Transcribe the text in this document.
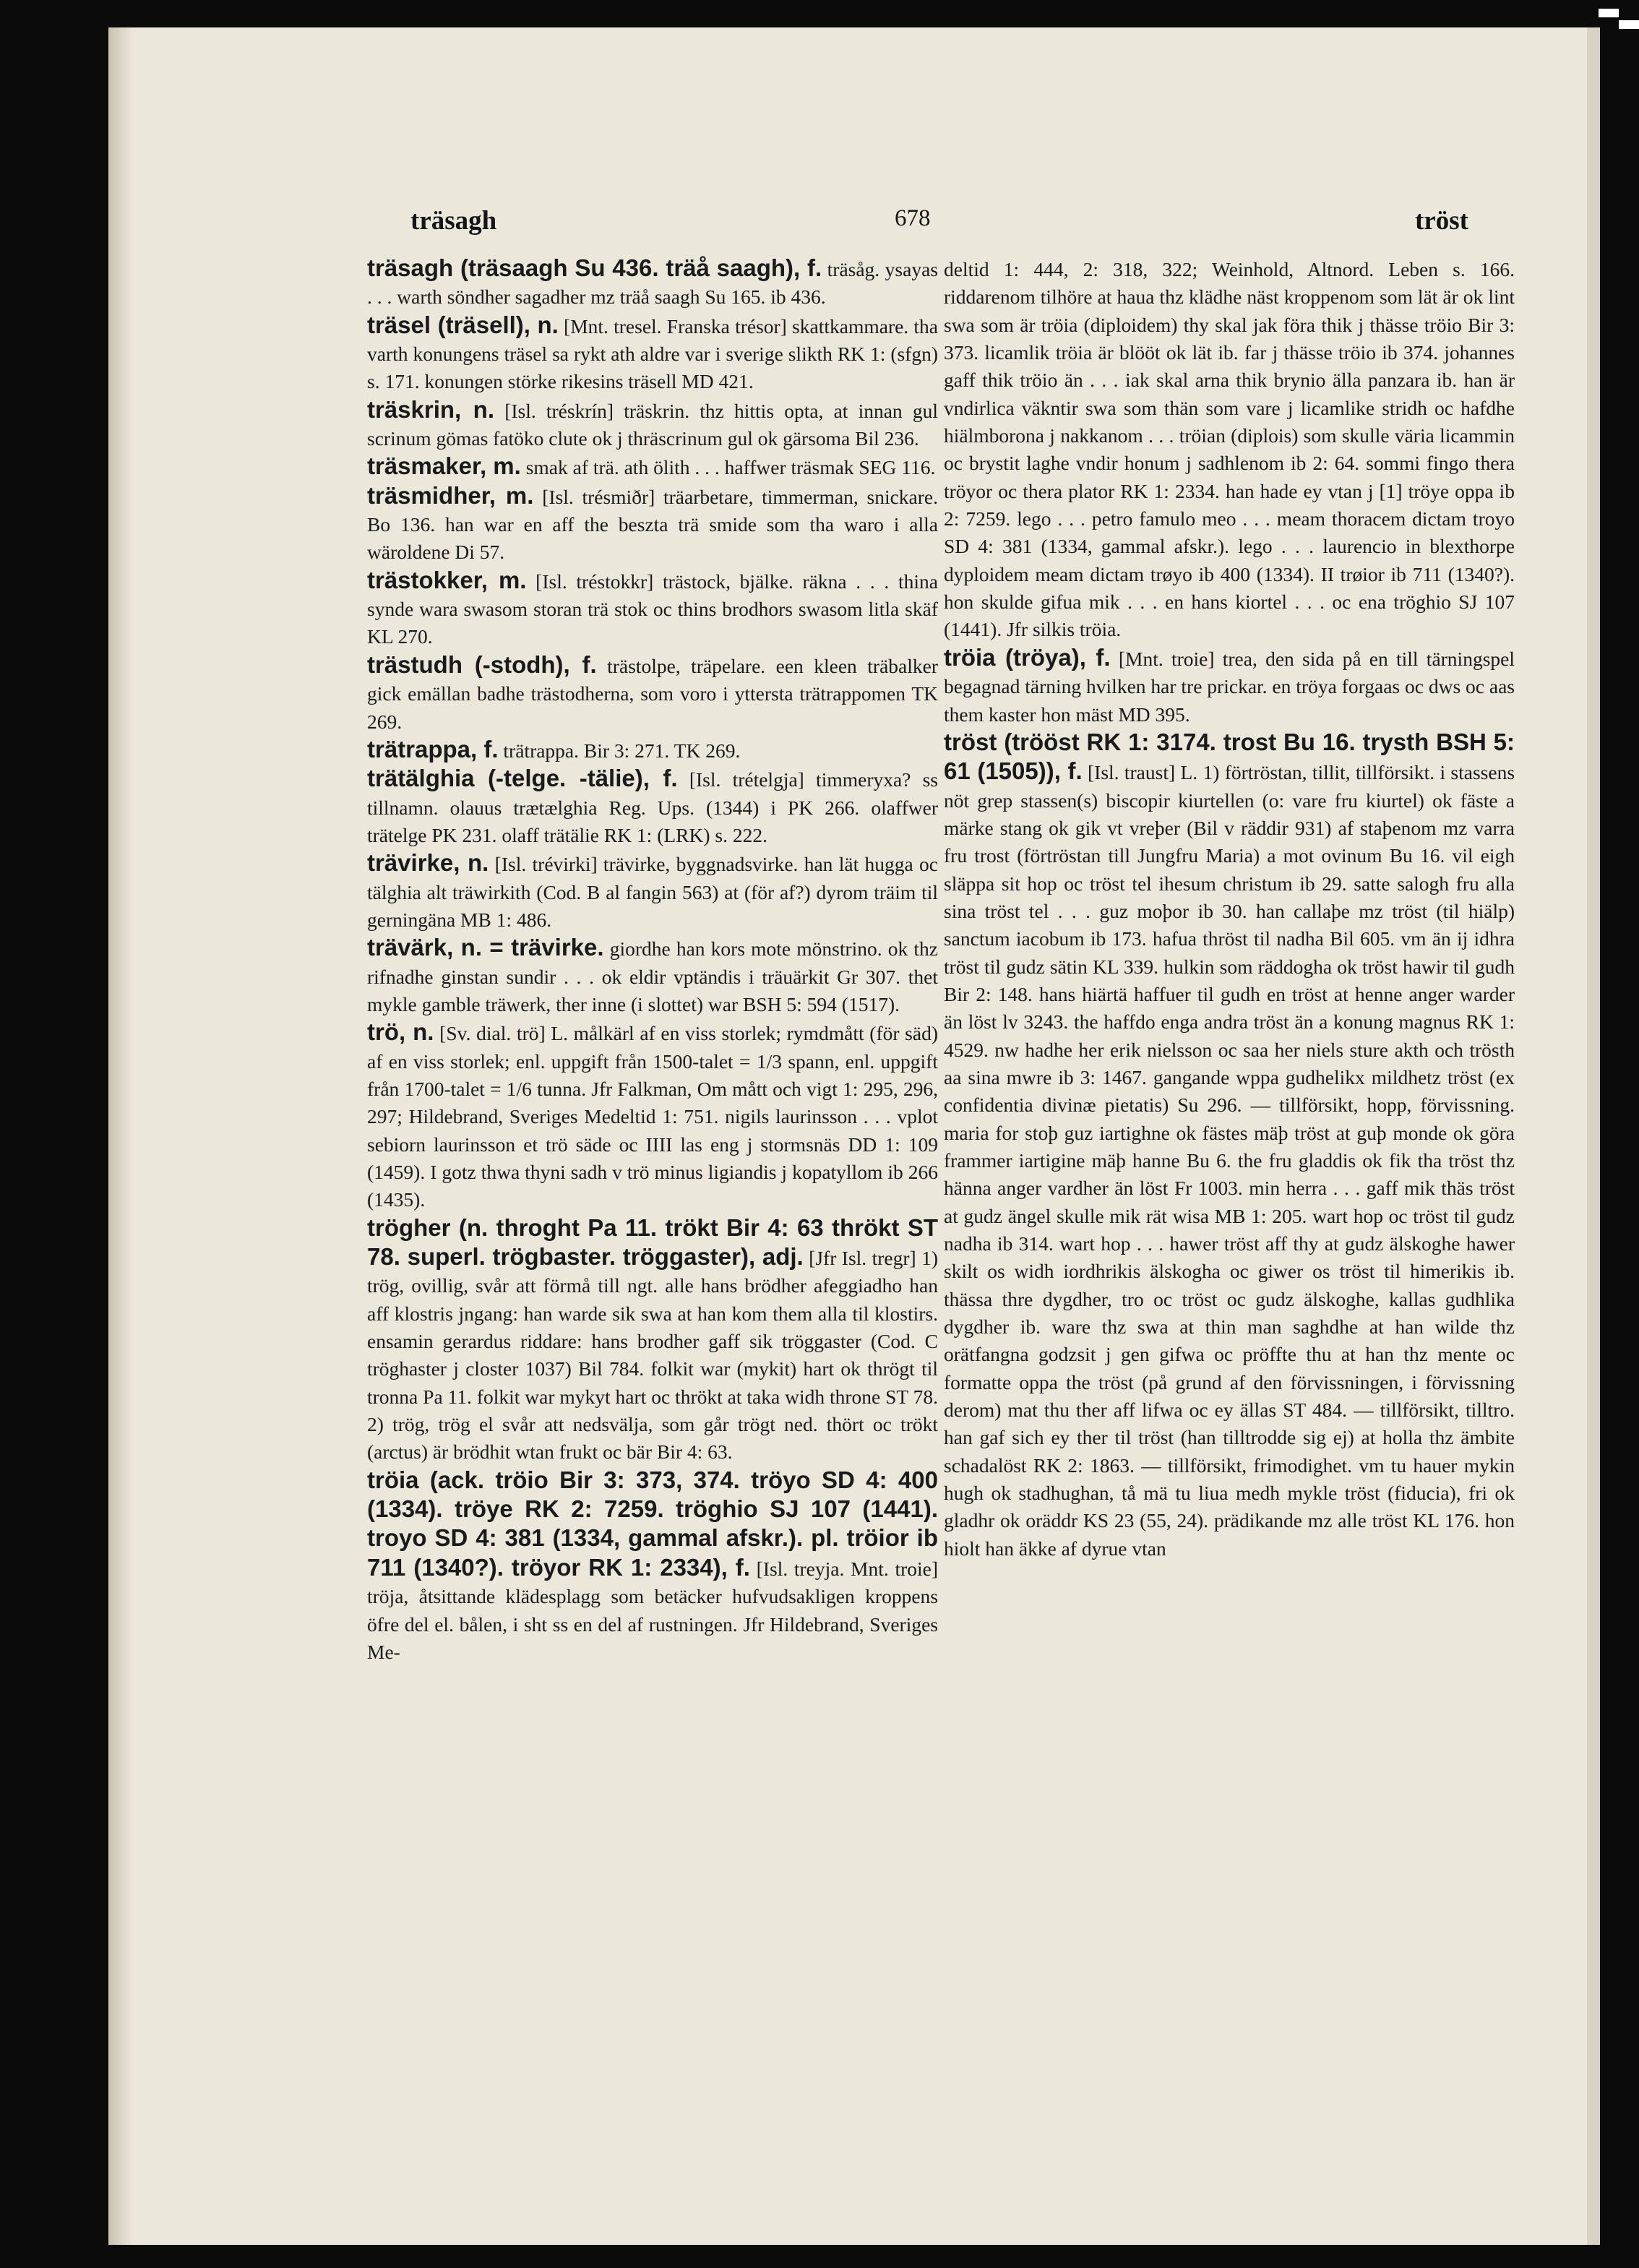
träsagh	678	tröst

träsagh (träsaagh Su 436. träå saagh), f. träsåg. ysayas . . . warth söndher sagadher mz träå saagh Su 165. ib 436.

träsel (träsell), n. [Mnt. tresel. Franska trésor] skattkammare. tha varth konungens träsel sa rykt ath aldre var i sverige slikth RK 1: (sfgn) s. 171. konungen störke rikesins träsell MD 421.

träskrin, n. [Isl. tréskrín] träskrin. thz hittis opta, at innan gul scrinum gömas fatöko clute ok j thräscrinum gul ok gärsoma Bil 236.

träsmaker, m. smak af trä. ath ölith . . . haffwer träsmak SEG 116.

träsmidher, m. [Isl. trésmiðr] träarbetare, timmerman, snickare. Bo 136. han war en aff the beszta trä smide som tha waro i alla wäroldene Di 57.

trästokker, m. [Isl. tréstokkr] trästock, bjälke. räkna . . . thina synde wara swasom storan trä stok oc thins brodhors swasom litla skäf KL 270.

trästudh (-stodh), f. trästolpe, träpelare. een kleen träbalker gick emällan badhe trästodherna, som voro i yttersta trätrappomen TK 269.

trätrappa, f. trätrappa. Bir 3: 271. TK 269.

trätälghia (-telge. -tälie), f. [Isl. trételgja] timmeryxa? ss tillnamn. olauus trætælghia Reg. Ups. (1344) i PK 266. olaffwer trätelge PK 231. olaff trätälie RK 1: (LRK) s. 222.

trävirke, n. [Isl. trévirki] trävirke, byggnadsvirke. han lät hugga oc tälghia alt träwirkith (Cod. B al fangin 563) at (för af?) dyrom träim til gerningäna MB 1: 486.

trävärk, n. = trävirke. giordhe han kors mote mönstrino. ok thz rifnadhe ginstan sundir . . . ok eldir vptändis i träuärkit Gr 307. thet mykle gamble träwerk, ther inne (i slottet) war BSH 5: 594 (1517).

trö, n. [Sv. dial. trö] L. målkärl af en viss storlek; rymdmått (för säd) af en viss storlek; enl. uppgift från 1500-talet = 1/3 spann, enl. uppgift från 1700-talet = 1/6 tunna. Jfr Falkman, Om mått och vigt 1: 295, 296, 297; Hildebrand, Sveriges Medeltid 1: 751. nigils laurinsson . . . vplot sebiorn laurinsson et trö säde oc IIII las eng j stormsnäs DD 1: 109 (1459). I gotz thwa thyni sadh v trö minus ligiandis j kopatyllom ib 266 (1435).

trögher (n. throght Pa 11. trökt Bir 4: 63 thrökt ST 78. superl. trögbaster. tröggaster), adj. [Jfr Isl. tregr] 1) trög, ovillig, svår att förmå till ngt. alle hans brödher afeggiadho han aff klostris jngang: han warde sik swa at han kom them alla til klostirs. ensamin gerardus riddare: hans brodher gaff sik tröggaster (Cod. C tröghaster j closter 1037) Bil 784. folkit war (mykit) hart ok thrögt til tronna Pa 11. folkit war mykyt hart oc thrökt at taka widh throne ST 78. 2) trög, trög el svår att nedsvälja, som går trögt ned. thört oc trökt (arctus) är brödhit wtan frukt oc bär Bir 4: 63.

tröia (ack. tröio Bir 3: 373, 374. tröyo SD 4: 400 (1334). tröye RK 2: 7259. tröghio SJ 107 (1441). troyo SD 4: 381 (1334, gammal afskr.). pl. tröior ib 711 (1340?). tröyor RK 1: 2334), f. [Isl. treyja. Mnt. troie] tröja, åtsittande klädesplagg som betäcker hufvudsakligen kroppens öfre del el. bålen, i sht ss en del af rustningen. Jfr Hildebrand, Sveriges Me-

deltid 1: 444, 2: 318, 322; Weinhold, Altnord. Leben s. 166. riddarenom tilhöre at haua thz klädhe näst kroppenom som lät är ok lint swa som är tröia (diploidem) thy skal jak föra thik j thässe tröio Bir 3: 373. licamlik tröia är blööt ok lät ib. far j thässe tröio ib 374. johannes gaff thik tröio än . . . iak skal arna thik brynio älla panzara ib. han är vndirlica väkntir swa som thän som vare j licamlike stridh oc hafdhe hiälmborona j nakkanom . . . tröian (diplois) som skulle väria licammin oc brystit laghe vndir honum j sadhlenom ib 2: 64. sommi fingo thera tröyor oc thera plator RK 1: 2334. han hade ey vtan j [1] tröye oppa ib 2: 7259. lego . . . petro famulo meo . . . meam thoracem dictam troyo SD 4: 381 (1334, gammal afskr.). lego . . . laurencio in blexthorpe dyploidem meam dictam trøyo ib 400 (1334). II trøior ib 711 (1340?). hon skulde gifua mik . . . en hans kiortel . . . oc ena tröghio SJ 107 (1441). Jfr silkis tröia.

tröia (tröya), f. [Mnt. troie] trea, den sida på en till tärningspel begagnad tärning hvilken har tre prickar. en tröya forgaas oc dws oc aas them kaster hon mäst MD 395.

tröst (trööst RK 1: 3174. trost Bu 16. trysth BSH 5: 61 (1505)), f. [Isl. traust] L. 1) förtröstan, tillit, tillförsikt. i stassens nöt grep stassen(s) biscopir kiurtellen (o: vare fru kiurtel) ok fäste a märke stang ok gik vt vreþer (Bil v räddir 931) af staþenom mz varra fru trost (förtröstan till Jungfru Maria) a mot ovinum Bu 16. vil eigh släppa sit hop oc tröst tel ihesum christum ib 29. satte salogh fru alla sina tröst tel . . . guz moþor ib 30. han callaþe mz tröst (til hiälp) sanctum iacobum ib 173. hafua thröst til nadha Bil 605. vm än ij idhra tröst til gudz sätin KL 339. hulkin som räddogha ok tröst hawir til gudh Bir 2: 148. hans hiärtä haffuer til gudh en tröst at henne anger warder än löst lv 3243. the haffdo enga andra tröst än a konung magnus RK 1: 4529. nw hadhe her erik nielsson oc saa her niels sture akth och trösth aa sina mwre ib 3: 1467. gangande wppa gudhelikx mildhetz tröst (ex confidentia divinæ pietatis) Su 296. — tillförsikt, hopp, förvissning. maria for stoþ guz iartighne ok fästes mäþ tröst at guþ monde ok göra frammer iartigine mäþ hanne Bu 6. the fru gladdis ok fik tha tröst thz hänna anger vardher än löst Fr 1003. min herra . . . gaff mik thäs tröst at gudz ängel skulle mik rät wisa MB 1: 205. wart hop oc tröst til gudz nadha ib 314. wart hop . . . hawer tröst aff thy at gudz älskoghe hawer skilt os widh iordhrikis älskogha oc giwer os tröst til himerikis ib. thässa thre dygdher, tro oc tröst oc gudz älskoghe, kallas gudhlika dygdher ib. ware thz swa at thin man saghdhe at han wilde thz orätfangna godzsit j gen gifwa oc pröffte thu at han thz mente oc formatte oppa the tröst (på grund af den förvissningen, i förvissning derom) mat thu ther aff lifwa oc ey ällas ST 484. — tillförsikt, tilltro. han gaf sich ey ther til tröst (han tilltrodde sig ej) at holla thz ämbite schadalöst RK 2: 1863. — tillförsikt, frimodighet. vm tu hauer mykin hugh ok stadhughan, tå mä tu liua medh mykle tröst (fiducia), fri ok gladhr ok oräddr KS 23 (55, 24). prädikande mz alle tröst KL 176. hon hiolt han äkke af dyrue vtan
